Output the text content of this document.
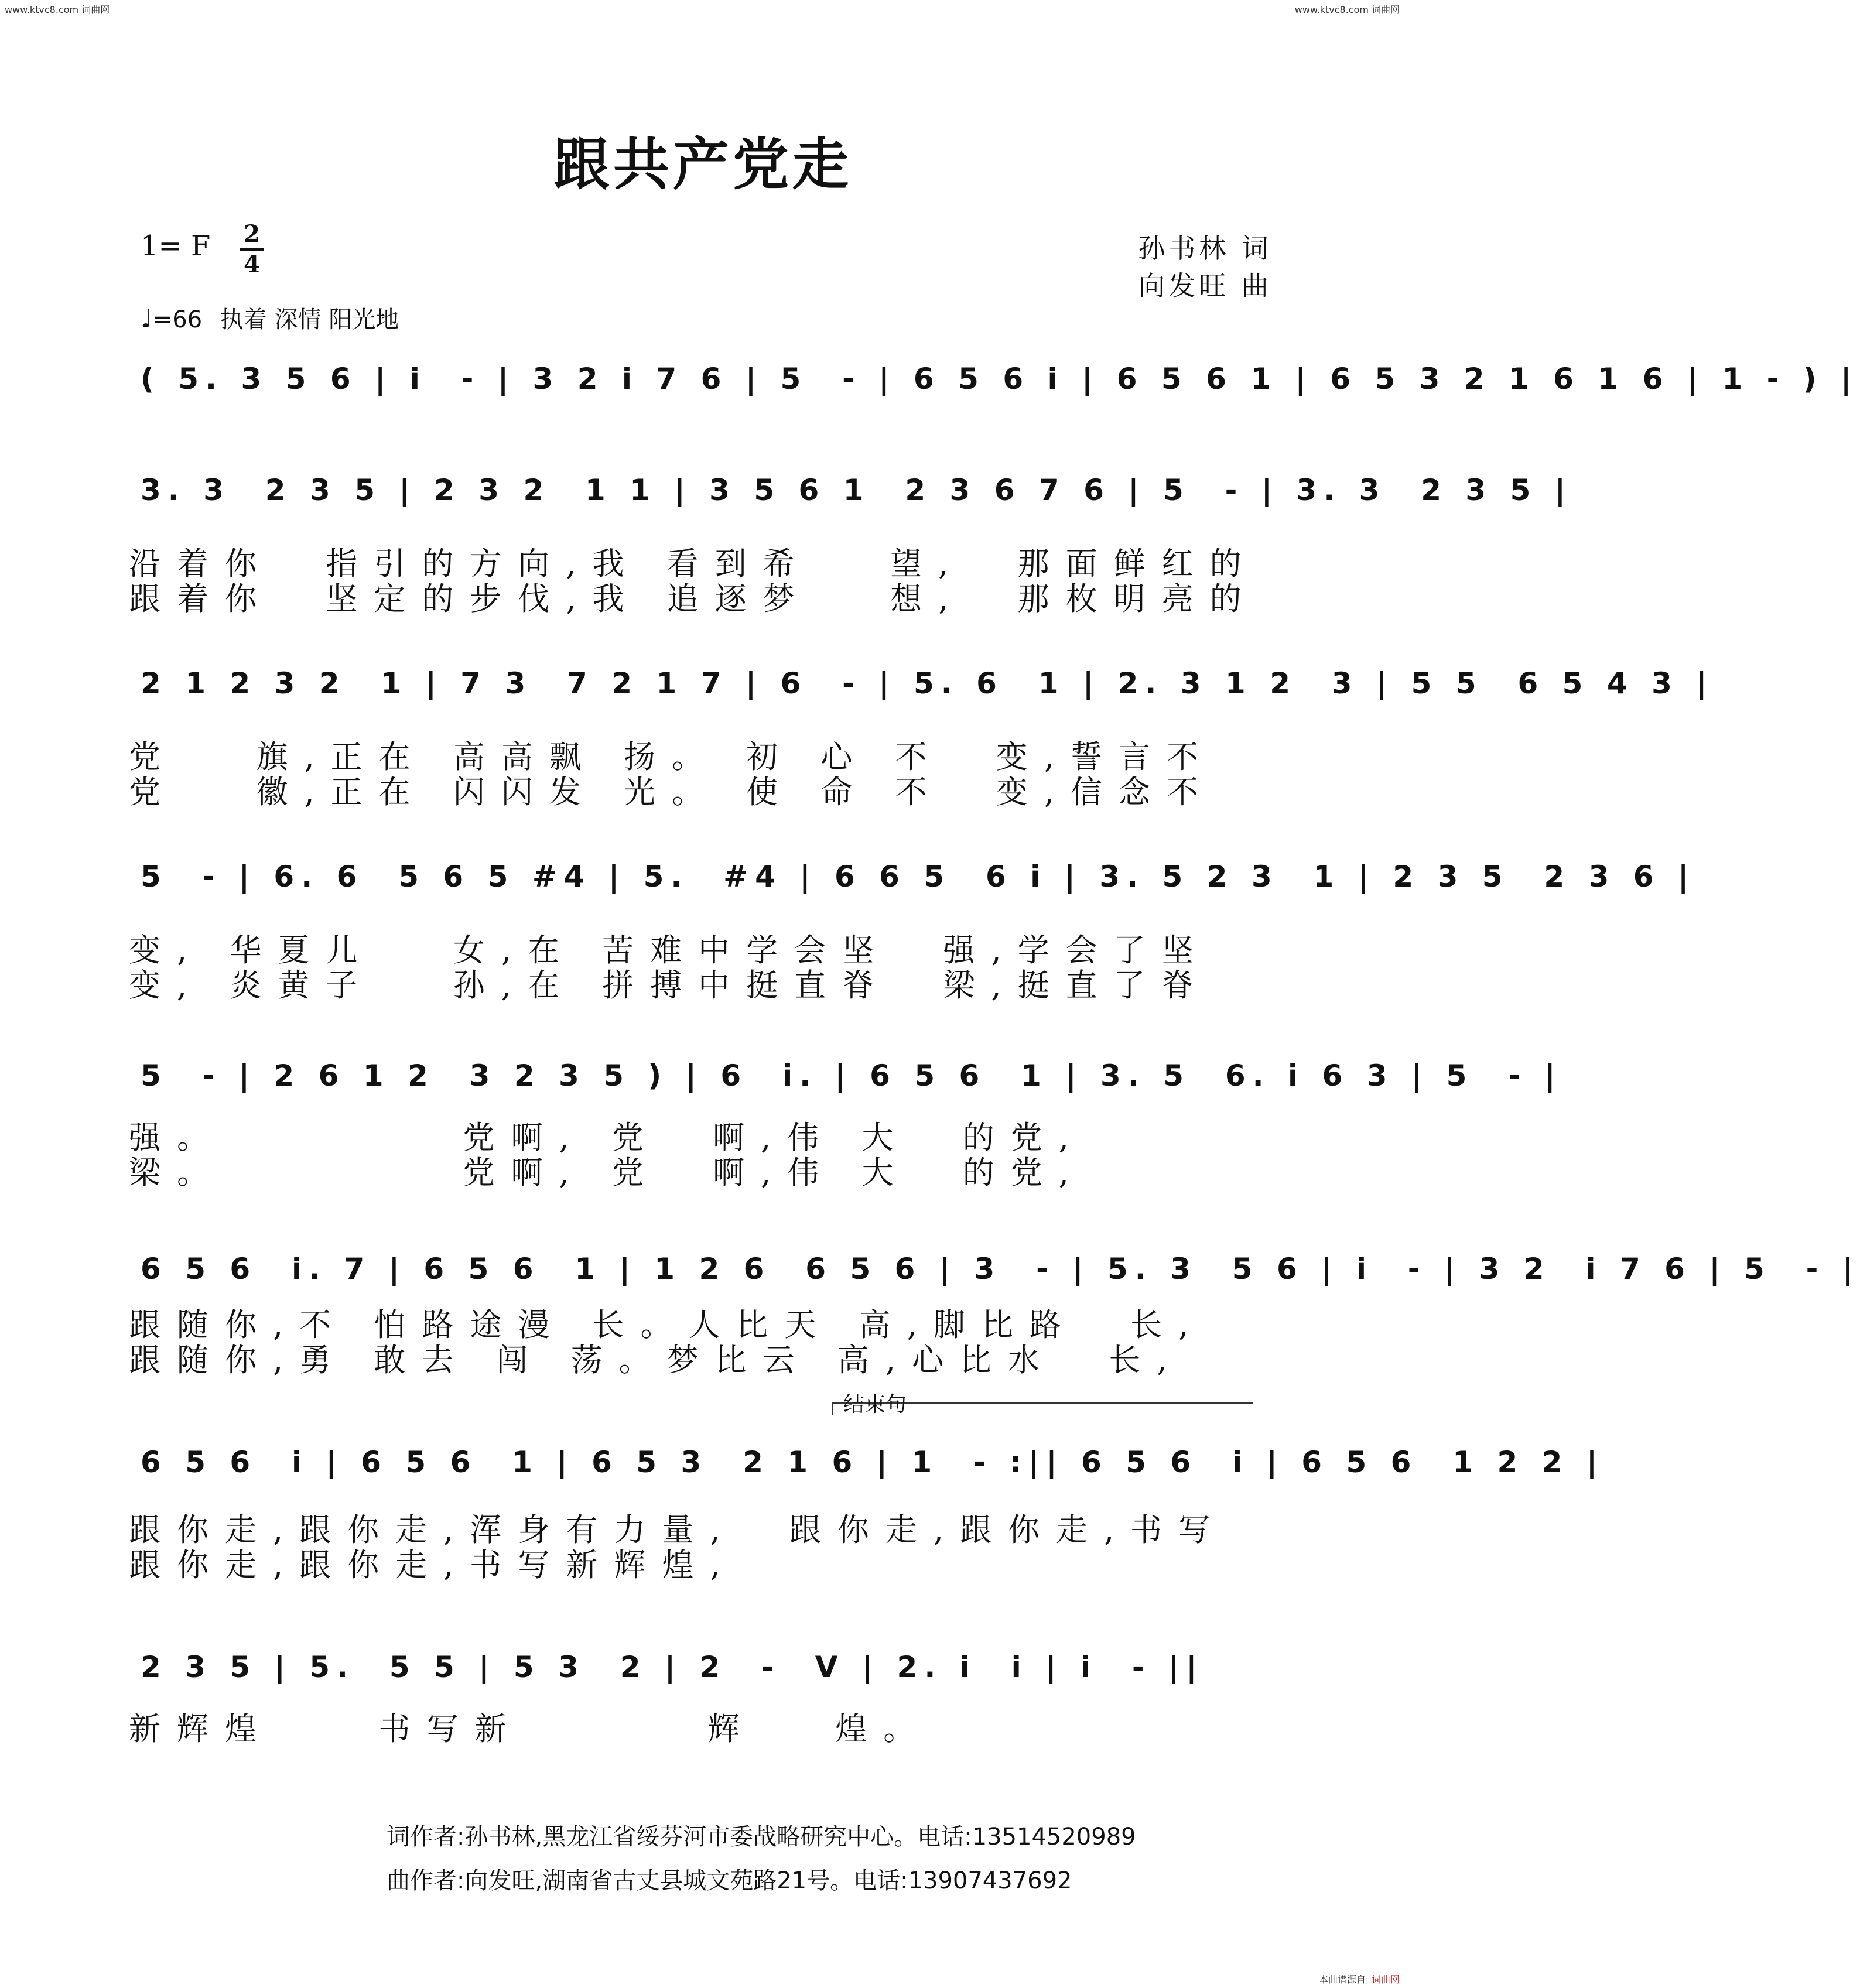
www.ktvc8.com 词曲网	www.ktvc8.com 词曲网
跟共产党走
1= F 2
4
孙书林 词
向发旺 曲
♩=66 执着 深情 阳光地
( 5. 3 5 6 | i  - | 3 2 i 7 6 | 5  - | 6 5 6 i | 6 5 6 1 | 6 5 3 2 1 6 1 6 | 1 - ) |
3. 3  2 3 5 | 2 3 2  1 1 | 3 5 6 1  2 3 6 7 6 | 5  - | 3. 3  2 3 5 |
沿着你  指引的方向,我 看到希   望,  那面鲜红的
跟着你  坚定的步伐,我 追逐梦   想,  那枚明亮的
2 1 2 3 2  1 | 7 3  7 2 1 7 | 6  - | 5. 6  1 | 2. 3 1 2  3 | 5 5  6 5 4 3 |
党   旗,正在 高高飘 扬。 初 心 不  变,誓言不
党   徽,正在 闪闪发 光。 使 命 不  变,信念不
5  - | 6. 6  5 6 5 #4 | 5.  #4 | 6 6 5  6 i | 3. 5 2 3  1 | 2 3 5  2 3 6 |
变, 华夏儿   女,在 苦难中学会坚  强,学会了坚
变, 炎黄子   孙,在 拼搏中挺直脊  梁,挺直了脊
5  - | 2 6 1 2  3 2 3 5 ) | 6  i. | 6 5 6  1 | 3. 5  6. i 6 3 | 5  - |
强。         党啊, 党  啊,伟 大  的党,
梁。         党啊, 党  啊,伟 大  的党,
6 5 6  i. 7 | 6 5 6  1 | 1 2 6  6 5 6 | 3  - | 5. 3  5 6 | i  - | 3 2  i 7 6 | 5  - |
跟随你,不 怕路途漫 长。人比天 高,脚比路  长,
跟随你,勇 敢去 闯 荡。梦比云 高,心比水  长,
结束句
6 5 6  i | 6 5 6  1 | 6 5 3  2 1 6 | 1  - :|| 6 5 6  i | 6 5 6  1 2 2 |
跟你走,跟你走,浑身有力量,  跟你走,跟你走,书写
跟你走,跟你走,书写新辉煌,
2 3 5 | 5.  5 5 | 5 3  2 | 2  -  V | 2. i  i | i  - ||
新辉煌    书写新       辉   煌。
词作者:孙书林,黑龙江省绥芬河市委战略研究中心。电话:13514520989
曲作者:向发旺,湖南省古丈县城文苑路21号。电话:13907437692
本曲谱源自 词曲网
